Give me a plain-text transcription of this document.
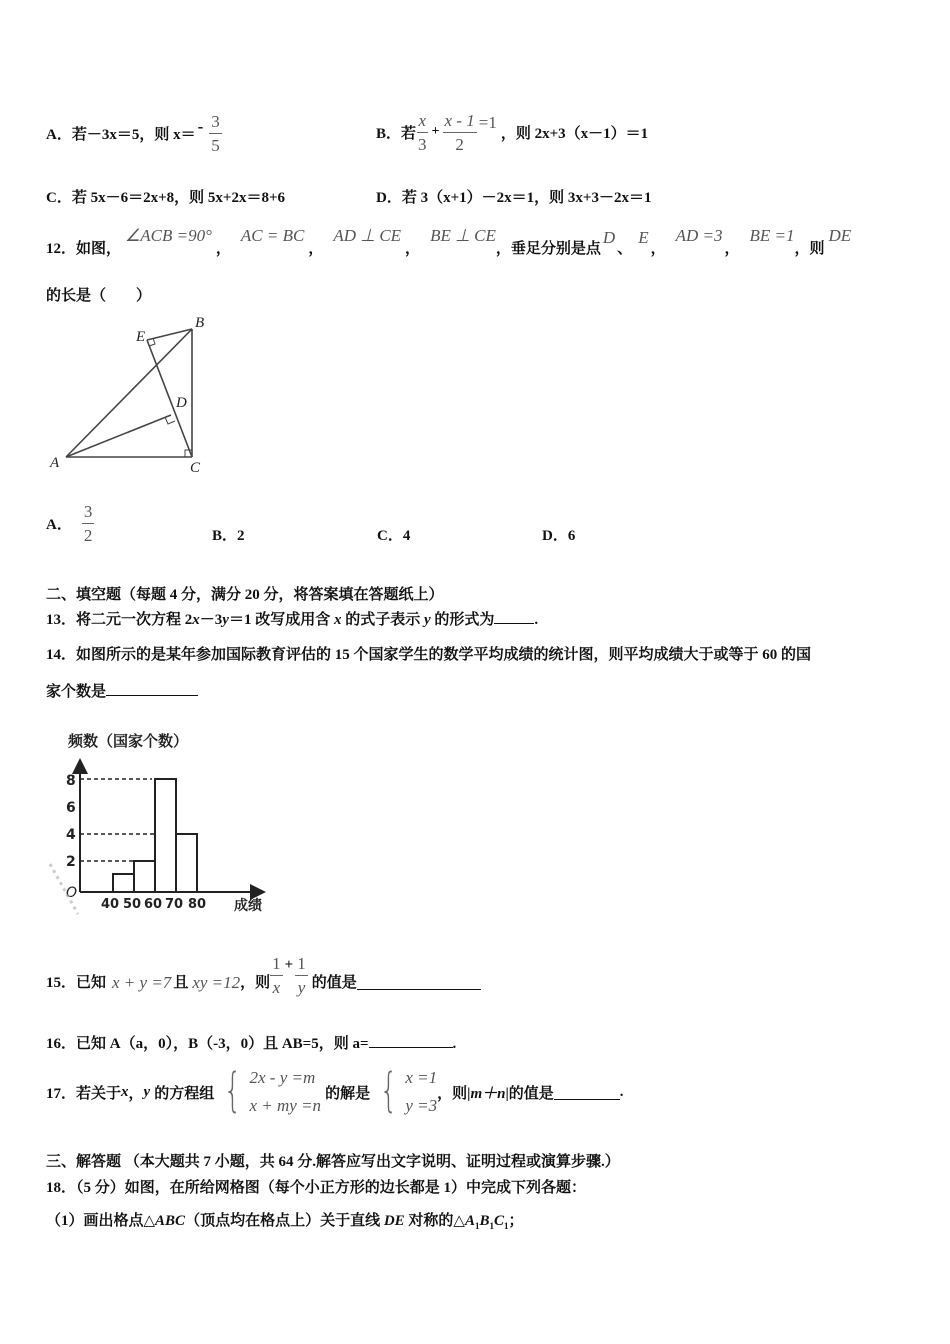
A． 若－3x＝5，则 $x= - \frac{3}{5}$	B． 若 $\frac{x}{3} + \frac{x - 1}{2} =1$
，则 2x+3（x－1）＝1
C．若 5x－6＝2x+8，则 5x+2x＝8+6	D．若 3（x+1）－2x＝1，则 3x+3－2x＝1
12．如图，
∠ACB =90°
，
AC = BC
，
AD ⊥ CE
，
BE ⊥ CE
，垂足分别是点
D
、
E
，
AD =3
，
BE =1
，则
DE
的长是（　　）
A
B
C
D
E
A． $\frac{3}{2}$	B．2	C．4	D．6
二、填空题（每题 4 分，满分 20 分，将答案填在答题纸上）
13．将二元一次方程 2x－3y＝1 改写成用含 x 的式子表示 y 的形式为	.
14．如图所示的是某年参加国际教育评估的 15 个国家学生的数学平均成绩的统计图，则平均成绩大于或等于 60 的国
家个数是
频数（国家个数）
2
4
6
8
O
40 50 60 70 80 成绩
15．已知 x + y =7 且 xy =12 ，则 $\frac{1}{x} + \frac{1}{y}$ 的值是
16．已知 A（a，0），B（-3，0）且 AB=5，则 a=	.
17．若关于 x ， y 的方程组 { 2x - y =m
x + my =n
的解是 { x =1
y =3
，则| m＋n |的值是	.
三、解答题 （本大题共 7 小题，共 64 分.解答应写出文字说明、证明过程或演算步骤.）
18．（5 分）如图，在所给网格图（每个小正方形的边长都是 1）中完成下列各题：
（1）画出格点△ABC（顶点均在格点上）关于直线 DE 对称的$\triangle A_1B_1C_1$；
